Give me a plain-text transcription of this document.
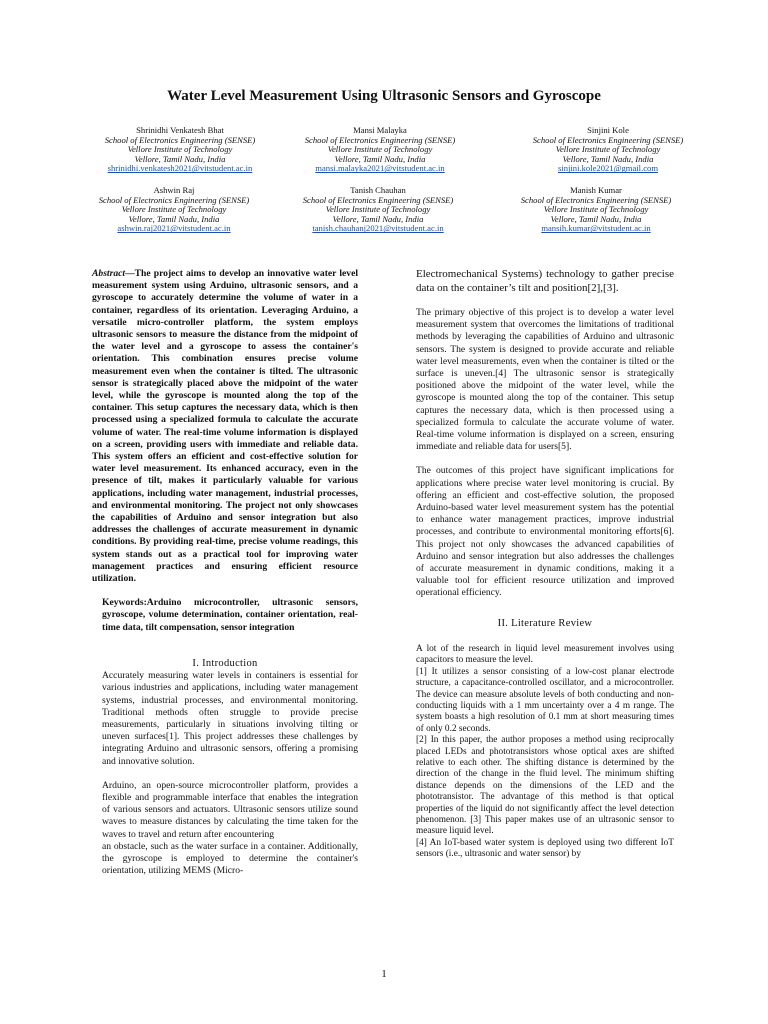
Water Level Measurement Using Ultrasonic Sensors and Gyroscope
Shrinidhi Venkatesh Bhat
School of Electronics Engineering (SENSE)
Vellore Institute of Technology
Vellore, Tamil Nadu, India
shrinidhi.venkatesh2021@vitstudent.ac.in
Mansi Malayka
School of Electronics Engineering (SENSE)
Vellore Institute of Technology
Vellore, Tamil Nadu, India
mansi.malayka2021@vitstudent.ac.in
Sinjini Kole
School of Electronics Engineering (SENSE)
Vellore Institute of Technology
Vellore, Tamil Nadu, India
sinjini.kole2021@gmail.com
Ashwin Raj
School of Electronics Engineering (SENSE)
Vellore Institute of Technology
Vellore, Tamil Nadu, India
ashwin.raj2021@vitstudent.ac.in
Tanish Chauhan
School of Electronics Engineering (SENSE)
Vellore Institute of Technology
Vellore, Tamil Nadu, India
tanish.chauhanj2021@vitstudent.ac.in
Manish Kumar
School of Electronics Engineering (SENSE)
Vellore Institute of Technology
Vellore, Tamil Nadu, India
mansih.kumar@vitstudent.ac.in

Abstract—The project aims to develop an innovative water level measurement system using Arduino, ultrasonic sensors, and a gyroscope to accurately determine the volume of water in a container, regardless of its orientation. Leveraging Arduino, a versatile micro-controller platform, the system employs ultrasonic sensors to measure the distance from the midpoint of the water level and a gyroscope to assess the container's orientation. This combination ensures precise volume measurement even when the container is tilted. The ultrasonic sensor is strategically placed above the midpoint of the water level, while the gyroscope is mounted along the top of the container. This setup captures the necessary data, which is then processed using a specialized formula to calculate the accurate volume of water. The real-time volume information is displayed on a screen, providing users with immediate and reliable data. This system offers an efficient and cost-effective solution for water level measurement. Its enhanced accuracy, even in the presence of tilt, makes it particularly valuable for various applications, including water management, industrial processes, and environmental monitoring. The project not only showcases the capabilities of Arduino and sensor integration but also addresses the challenges of accurate measurement in dynamic conditions. By providing real-time, precise volume readings, this system stands out as a practical tool for improving water management practices and ensuring efficient resource utilization.

Keywords:Arduino microcontroller, ultrasonic sensors, gyroscope, volume determination, container orientation, real-time data, tilt compensation, sensor integration

I. Introduction

Accurately measuring water levels in containers is essential for various industries and applications, including water management systems, industrial processes, and environmental monitoring. Traditional methods often struggle to provide precise measurements, particularly in situations involving tilting or uneven surfaces[1]. This project addresses these challenges by integrating Arduino and ultrasonic sensors, offering a promising and innovative solution.

Arduino, an open-source microcontroller platform, provides a flexible and programmable interface that enables the integration of various sensors and actuators. Ultrasonic sensors utilize sound waves to measure distances by calculating the time taken for the waves to travel and return after encountering

an obstacle, such as the water surface in a container. Additionally, the gyroscope is employed to determine the container's orientation, utilizing MEMS (Micro-

Electromechanical Systems) technology to gather precise data on the container’s tilt and position[2],[3].

The primary objective of this project is to develop a water level measurement system that overcomes the limitations of traditional methods by leveraging the capabilities of Arduino and ultrasonic sensors. The system is designed to provide accurate and reliable water level measurements, even when the container is tilted or the surface is uneven.[4] The ultrasonic sensor is strategically positioned above the midpoint of the water level, while the gyroscope is mounted along the top of the container. This setup captures the necessary data, which is then processed using a specialized formula to calculate the accurate volume of water. Real-time volume information is displayed on a screen, ensuring immediate and reliable data for users[5].

The outcomes of this project have significant implications for applications where precise water level monitoring is crucial. By offering an efficient and cost-effective solution, the proposed Arduino-based water level measurement system has the potential to enhance water management practices, improve industrial processes, and contribute to environmental monitoring efforts[6]. This project not only showcases the advanced capabilities of Arduino and sensor integration but also addresses the challenges of accurate measurement in dynamic conditions, making it a valuable tool for efficient resource utilization and improved operational efficiency.

II. Literature Review

A lot of the research in liquid level measurement involves using capacitors to measure the level.

[1] It utilizes a sensor consisting of a low-cost planar electrode structure, a capacitance-controlled oscillator, and a microcontroller. The device can measure absolute levels of both conducting and non-conducting liquids with a 1 mm uncertainty over a 4 m range. The system boasts a high resolution of 0.1 mm at short measuring times of only 0.2 seconds.

[2] In this paper, the author proposes a method using reciprocally placed LEDs and phototransistors whose optical axes are shifted relative to each other. The shifting distance is determined by the direction of the change in the fluid level. The minimum shifting distance depends on the dimensions of the LED and the phototransistor. The advantage of this method is that optical properties of the liquid do not significantly affect the level detection phenomenon. [3] This paper makes use of an ultrasonic sensor to measure liquid level.

[4] An IoT-based water system is deployed using two different IoT sensors (i.e., ultrasonic and water sensor) by

1
